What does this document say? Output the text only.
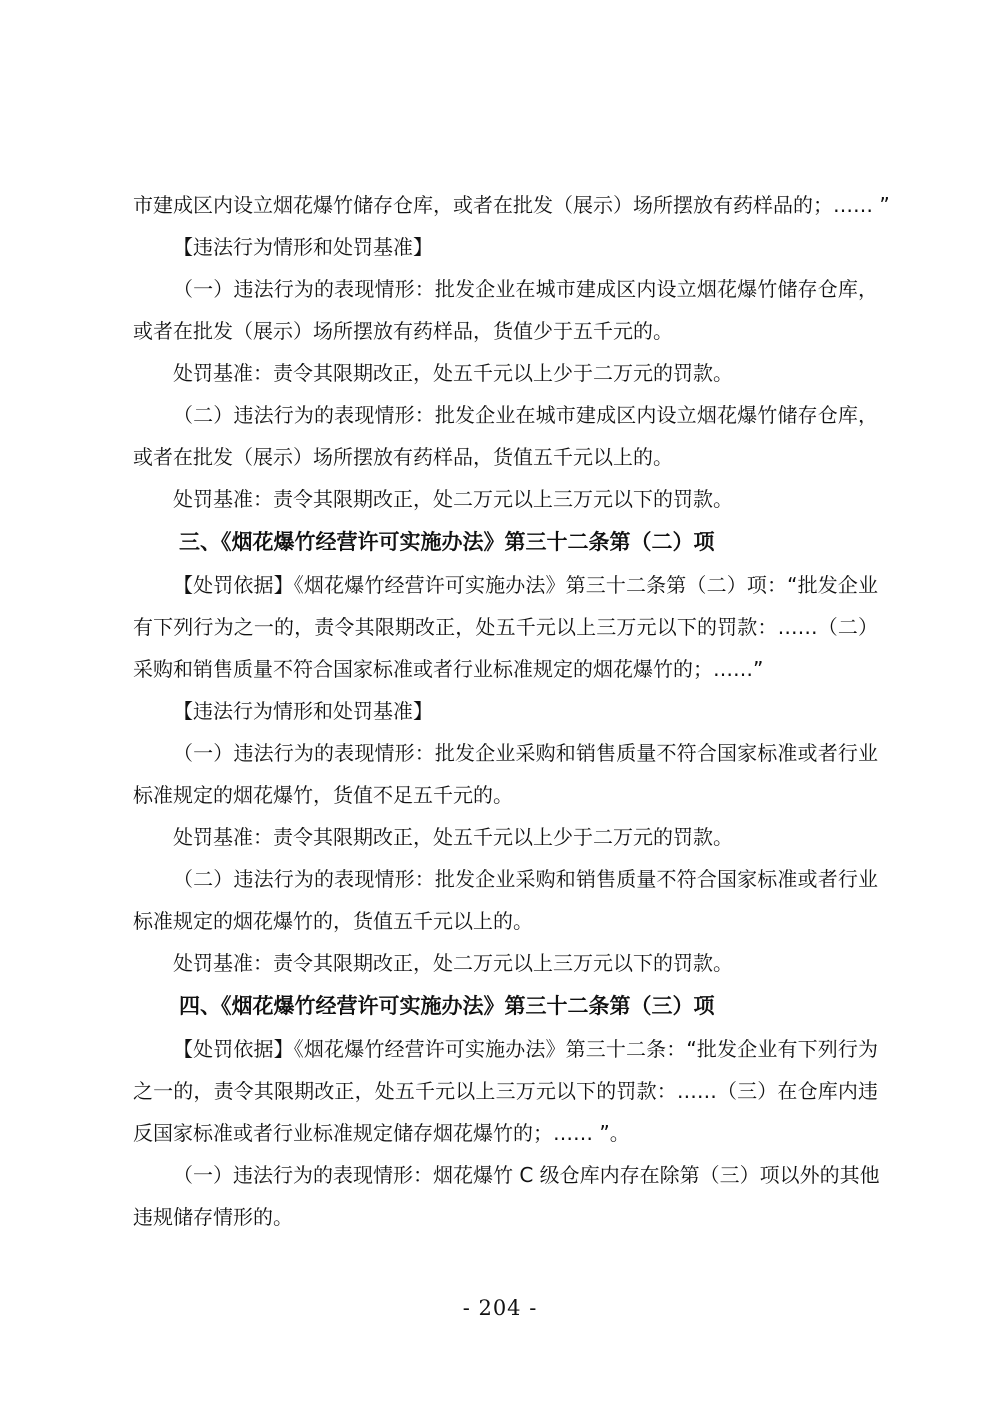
市建成区内设立烟花爆竹储存仓库，或者在批发（展示）场所摆放有药样品的；…… ”
【违法行为情形和处罚基准】
（一）违法行为的表现情形：批发企业在城市建成区内设立烟花爆竹储存仓库，
或者在批发（展示）场所摆放有药样品，货值少于五千元的。
处罚基准：责令其限期改正，处五千元以上少于二万元的罚款。
（二）违法行为的表现情形：批发企业在城市建成区内设立烟花爆竹储存仓库，
或者在批发（展示）场所摆放有药样品，货值五千元以上的。
处罚基准：责令其限期改正，处二万元以上三万元以下的罚款。
三、《烟花爆竹经营许可实施办法》第三十二条第（二）项
【处罚依据】《烟花爆竹经营许可实施办法》第三十二条第（二）项：“批发企业
有下列行为之一的，责令其限期改正，处五千元以上三万元以下的罚款：……（二）
采购和销售质量不符合国家标准或者行业标准规定的烟花爆竹的；……”
【违法行为情形和处罚基准】
（一）违法行为的表现情形：批发企业采购和销售质量不符合国家标准或者行业
标准规定的烟花爆竹，货值不足五千元的。
处罚基准：责令其限期改正，处五千元以上少于二万元的罚款。
（二）违法行为的表现情形：批发企业采购和销售质量不符合国家标准或者行业
标准规定的烟花爆竹的，货值五千元以上的。
处罚基准：责令其限期改正，处二万元以上三万元以下的罚款。
四、《烟花爆竹经营许可实施办法》第三十二条第（三）项
【处罚依据】《烟花爆竹经营许可实施办法》第三十二条：“批发企业有下列行为
之一的，责令其限期改正，处五千元以上三万元以下的罚款：……（三）在仓库内违
反国家标准或者行业标准规定储存烟花爆竹的；…… ”。
（一）违法行为的表现情形：烟花爆竹 C 级仓库内存在除第（三）项以外的其他
违规储存情形的。
- 204 -
